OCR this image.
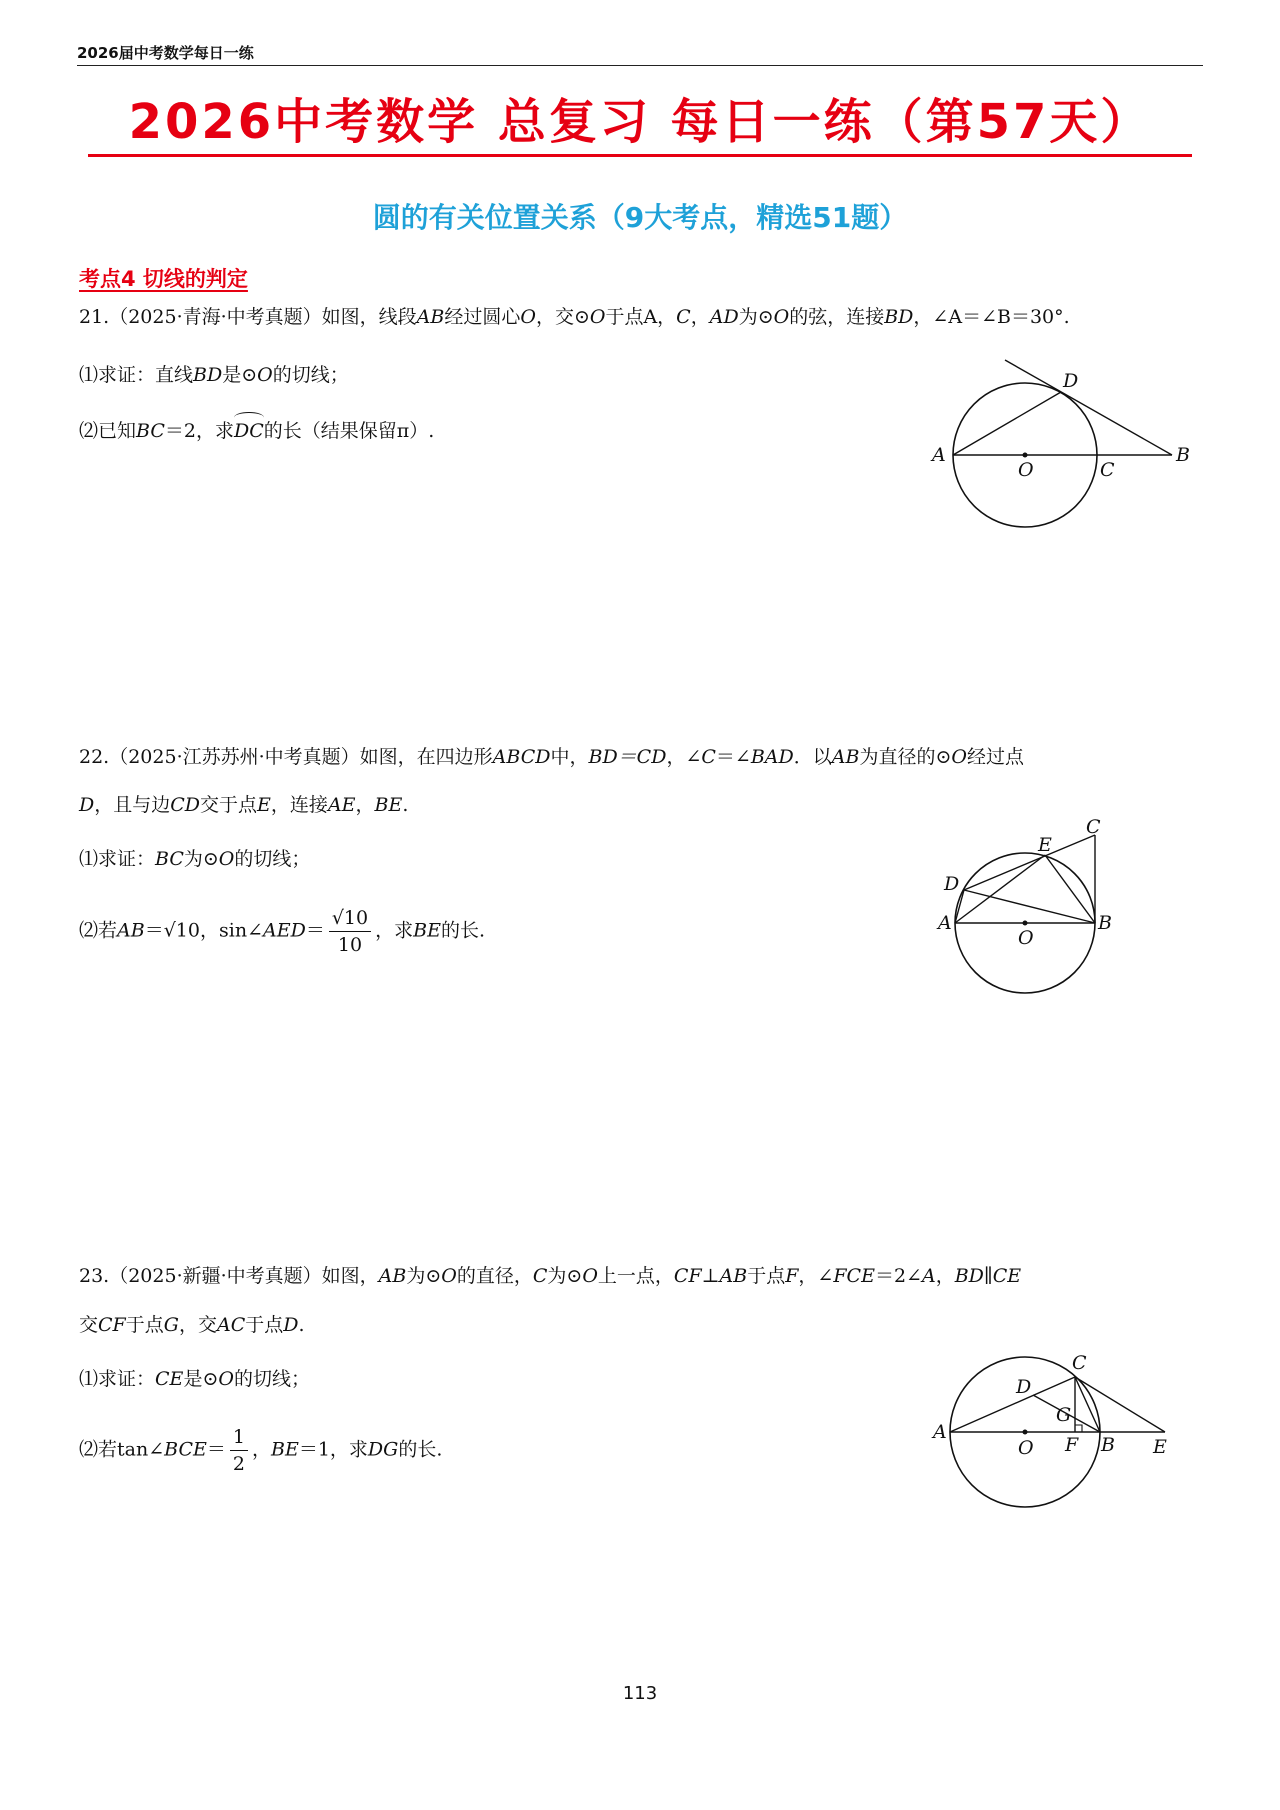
2026届中考数学每日一练
2026中考数学 总复习 每日一练（第57天）
圆的有关位置关系（9大考点，精选51题）
考点4 切线的判定
21.（2025·青海·中考真题）如图，线段AB经过圆心O，交⊙O于点A，C，AD为⊙O的弦，连接BD，∠A＝∠B＝30°.
⑴求证：直线BD是⊙O的切线；
⑵已知BC＝2，求DC的长（结果保留π）.
A	B
C
D
O
22.（2025·江苏苏州·中考真题）如图，在四边形ABCD中，BD＝CD，∠C＝∠BAD．以AB为直径的⊙O经过点
D，且与边CD交于点E，连接AE，BE.
⑴求证：BC为⊙O的切线；
⑵若AB＝√10，sin∠AED＝ $\frac{√10}{10}$ ，求BE的长.	A	B
C
D
E
O
23.（2025·新疆·中考真题）如图，AB为⊙O的直径，C为⊙O上一点，CF⊥AB于点F，∠FCE＝2∠A，BD∥CE
交CF于点G，交AC于点D.
⑴求证：CE是⊙O的切线；
⑵若tan∠BCE＝ $\frac{1}{2}$ ，BE＝1，求DG的长.
A
B
C
D
E
F
G
O
113
